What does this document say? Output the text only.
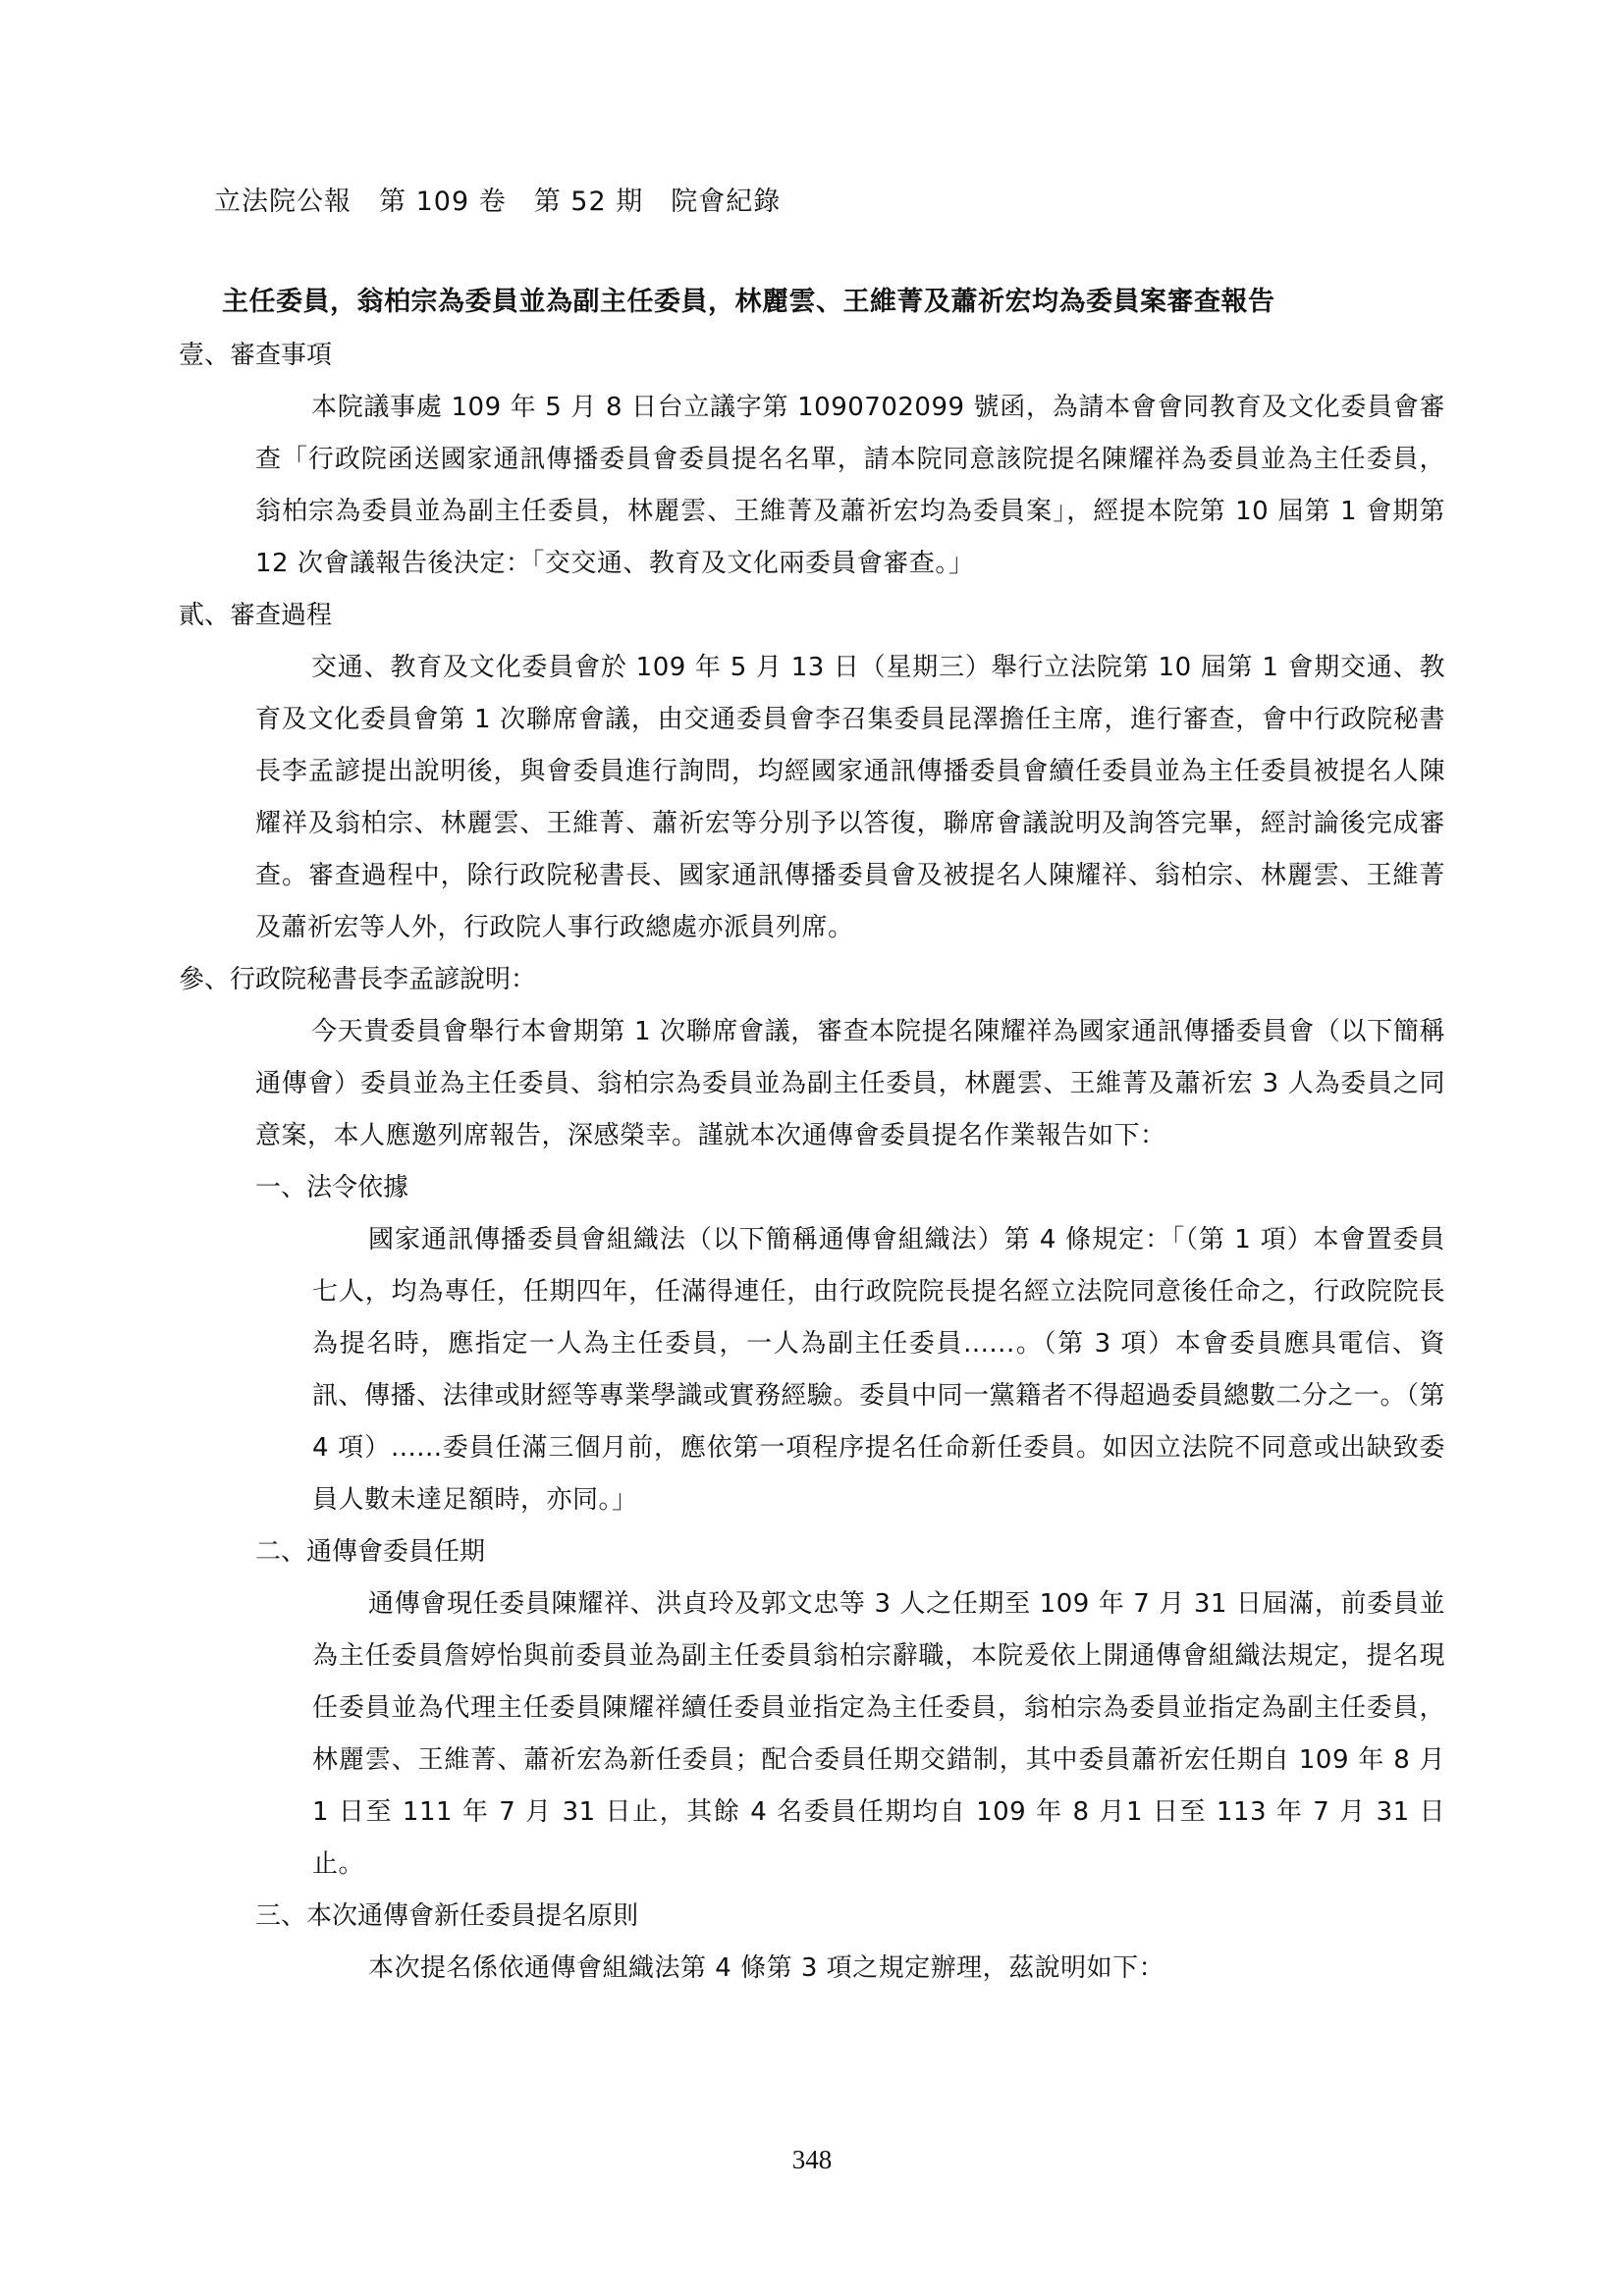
立法院公報　第 109 卷　第 52 期　院會紀錄
主任委員，翁柏宗為委員並為副主任委員，林麗雲、王維菁及蕭祈宏均為委員案審查報告
壹、審查事項
本院議事處 109 年 5 月 8 日台立議字第 1090702099 號函，為請本會會同教育及文化委員會審查「行政院函送國家通訊傳播委員會委員提名名單，請本院同意該院提名陳耀祥為委員並為主任委員，翁柏宗為委員並為副主任委員，林麗雲、王維菁及蕭祈宏均為委員案」，經提本院第 10 屆第 1 會期第 12 次會議報告後決定：「交交通、教育及文化兩委員會審查。」
貳、審查過程
交通、教育及文化委員會於 109 年 5 月 13 日（星期三）舉行立法院第 10 屆第 1 會期交通、教育及文化委員會第 1 次聯席會議，由交通委員會李召集委員昆澤擔任主席，進行審查，會中行政院秘書長李孟諺提出說明後，與會委員進行詢問，均經國家通訊傳播委員會續任委員並為主任委員被提名人陳耀祥及翁柏宗、林麗雲、王維菁、蕭祈宏等分別予以答復，聯席會議說明及詢答完畢，經討論後完成審查。審查過程中，除行政院秘書長、國家通訊傳播委員會及被提名人陳耀祥、翁柏宗、林麗雲、王維菁及蕭祈宏等人外，行政院人事行政總處亦派員列席。
參、行政院秘書長李孟諺說明：
今天貴委員會舉行本會期第 1 次聯席會議，審查本院提名陳耀祥為國家通訊傳播委員會（以下簡稱通傳會）委員並為主任委員、翁柏宗為委員並為副主任委員，林麗雲、王維菁及蕭祈宏 3 人為委員之同意案，本人應邀列席報告，深感榮幸。謹就本次通傳會委員提名作業報告如下：
一、法令依據
國家通訊傳播委員會組織法（以下簡稱通傳會組織法）第 4 條規定：「（第 1 項）本會置委員七人，均為專任，任期四年，任滿得連任，由行政院院長提名經立法院同意後任命之，行政院院長為提名時，應指定一人為主任委員，一人為副主任委員......。（第 3 項）本會委員應具電信、資訊、傳播、法律或財經等專業學識或實務經驗。委員中同一黨籍者不得超過委員總數二分之一。（第 4 項）......委員任滿三個月前，應依第一項程序提名任命新任委員。如因立法院不同意或出缺致委員人數未達足額時，亦同。」
二、通傳會委員任期
通傳會現任委員陳耀祥、洪貞玲及郭文忠等 3 人之任期至 109 年 7 月 31 日屆滿，前委員並為主任委員詹婷怡與前委員並為副主任委員翁柏宗辭職，本院爰依上開通傳會組織法規定，提名現任委員並為代理主任委員陳耀祥續任委員並指定為主任委員，翁柏宗為委員並指定為副主任委員，林麗雲、王維菁、蕭祈宏為新任委員；配合委員任期交錯制，其中委員蕭祈宏任期自 109 年 8 月 1 日至 111 年 7 月 31 日止，其餘 4 名委員任期均自 109 年 8 月1 日至 113 年 7 月 31 日止。
三、本次通傳會新任委員提名原則
本次提名係依通傳會組織法第 4 條第 3 項之規定辦理，茲說明如下：
348
